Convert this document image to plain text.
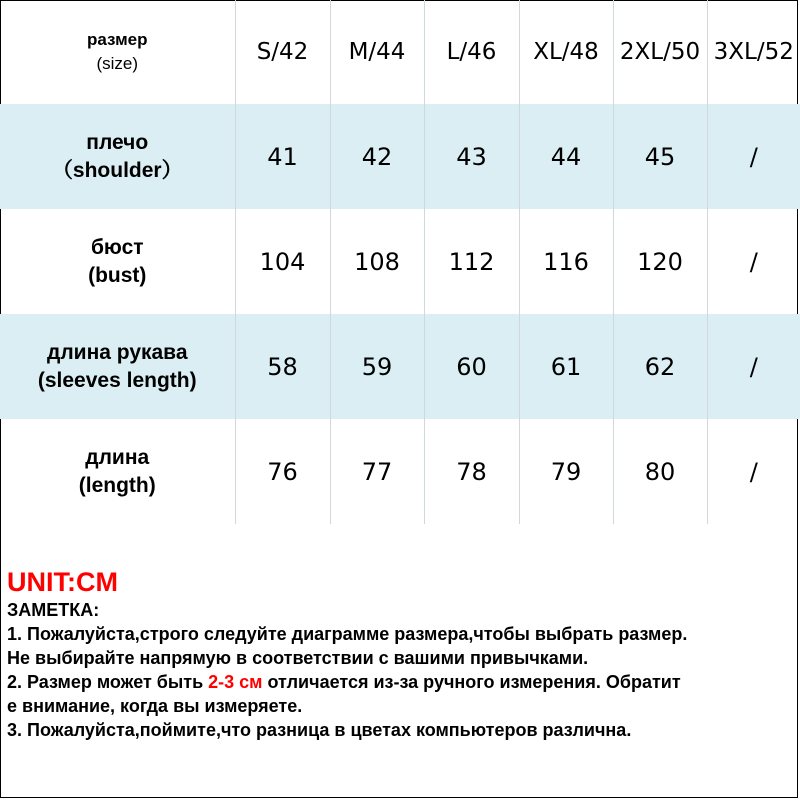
размер
(size)	S/42	M/44	L/46	XL/48	2XL/50	3XL/52

плечо
（shoulder）	41	42	43	44	45	/

бюст
(bust)	104	108	112	116	120	/

длина рукава
(sleeves length)	58	59	60	61	62	/

длина
(length)	76	77	78	79	80	/
UNIT:CM
ЗАМЕТКА:
1. Пожалуйста,строго следуйте диаграмме размера,чтобы выбрать размер.
Не выбирайте напрямую в соответствии с вашими привычками.
2. Размер может быть 2-3 см отличается из-за ручного измерения. Обратит
е внимание, когда вы измеряете.
3. Пожалуйста,поймите,что разница в цветах компьютеров различна.
